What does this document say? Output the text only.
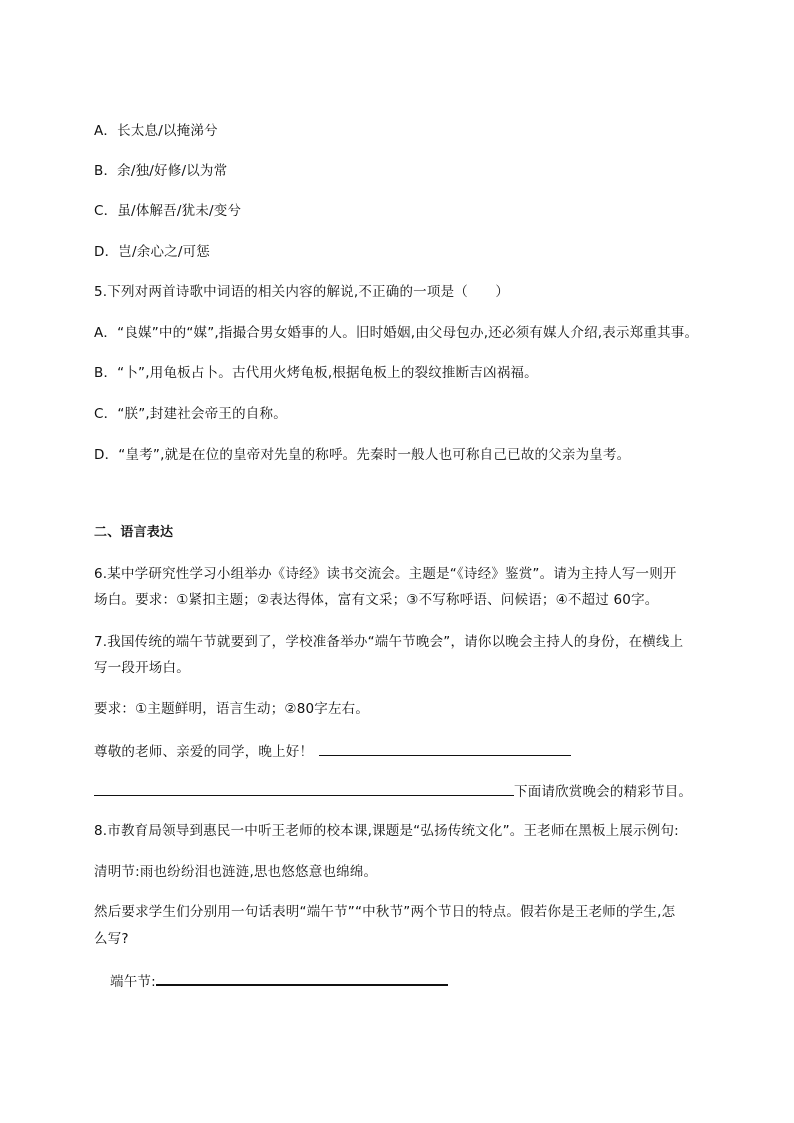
A．长太息/以掩涕兮
B．余/独/好修/以为常
C．虽/体解吾/犹未/变兮
D．岂/余心之/可惩
5.下列对两首诗歌中词语的相关内容的解说,不正确的一项是（　　）
A．“良媒”中的“媒”,指撮合男女婚事的人。旧时婚姻,由父母包办,还必须有媒人介绍,表示郑重其事。
B．“卜”,用龟板占卜。古代用火烤龟板,根据龟板上的裂纹推断吉凶祸福。
C．“朕”,封建社会帝王的自称。
D．“皇考”,就是在位的皇帝对先皇的称呼。先秦时一般人也可称自己已故的父亲为皇考。
二、语言表达
6.某中学研究性学习小组举办《诗经》读书交流会。主题是“《诗经》鉴赏”。请为主持人写一则开
场白。要求：①紧扣主题；②表达得体，富有文采；③不写称呼语、问候语；④不超过 60字。
7.我国传统的端午节就要到了，学校准备举办“端午节晚会”，请你以晚会主持人的身份，在横线上
写一段开场白。
要求：①主题鲜明，语言生动；②80字左右。
尊敬的老师、亲爱的同学，晚上好！
下面请欣赏晚会的精彩节目。
8.市教育局领导到惠民一中听王老师的校本课,课题是“弘扬传统文化”。王老师在黑板上展示例句:
清明节:雨也纷纷泪也涟涟,思也悠悠意也绵绵。
然后要求学生们分别用一句话表明“端午节”“中秋节”两个节日的特点。假若你是王老师的学生,怎
么写?
端午节:
